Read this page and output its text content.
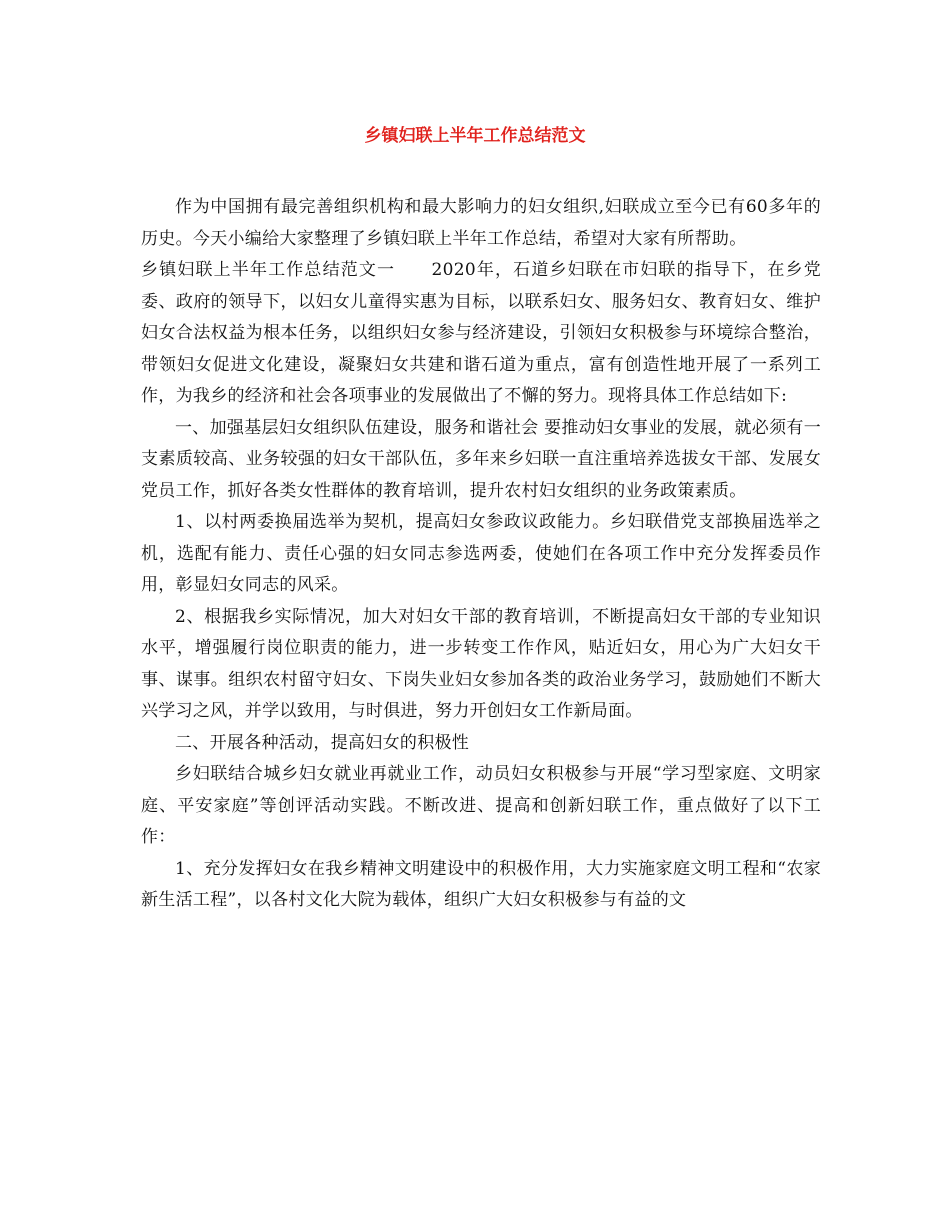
乡镇妇联上半年工作总结范文

作为中国拥有最完善组织机构和最大影响力的妇女组织,妇联成立至今已有60多年的历史。今天小编给大家整理了乡镇妇联上半年工作总结，希望对大家有所帮助。

乡镇妇联上半年工作总结范文一　　2020年，石道乡妇联在市妇联的指导下，在乡党委、政府的领导下，以妇女儿童得实惠为目标，以联系妇女、服务妇女、教育妇女、维护妇女合法权益为根本任务，以组织妇女参与经济建设，引领妇女积极参与环境综合整治，带领妇女促进文化建设，凝聚妇女共建和谐石道为重点，富有创造性地开展了一系列工作，为我乡的经济和社会各项事业的发展做出了不懈的努力。现将具体工作总结如下:

一、加强基层妇女组织队伍建设，服务和谐社会 要推动妇女事业的发展，就必须有一支素质较高、业务较强的妇女干部队伍，多年来乡妇联一直注重培养选拔女干部、发展女党员工作，抓好各类女性群体的教育培训，提升农村妇女组织的业务政策素质。

1、以村两委换届选举为契机，提高妇女参政议政能力。乡妇联借党支部换届选举之机，选配有能力、责任心强的妇女同志参选两委，使她们在各项工作中充分发挥委员作用，彰显妇女同志的风采。

2、根据我乡实际情况，加大对妇女干部的教育培训，不断提高妇女干部的专业知识水平，增强履行岗位职责的能力，进一步转变工作作风，贴近妇女，用心为广大妇女干事、谋事。组织农村留守妇女、下岗失业妇女参加各类的政治业务学习，鼓励她们不断大兴学习之风，并学以致用，与时俱进，努力开创妇女工作新局面。

二、开展各种活动，提高妇女的积极性

乡妇联结合城乡妇女就业再就业工作，动员妇女积极参与开展“学习型家庭、文明家庭、平安家庭”等创评活动实践。不断改进、提高和创新妇联工作，重点做好了以下工作：

1、充分发挥妇女在我乡精神文明建设中的积极作用，大力实施家庭文明工程和“农家新生活工程”，以各村文化大院为载体，组织广大妇女积极参与有益的文
